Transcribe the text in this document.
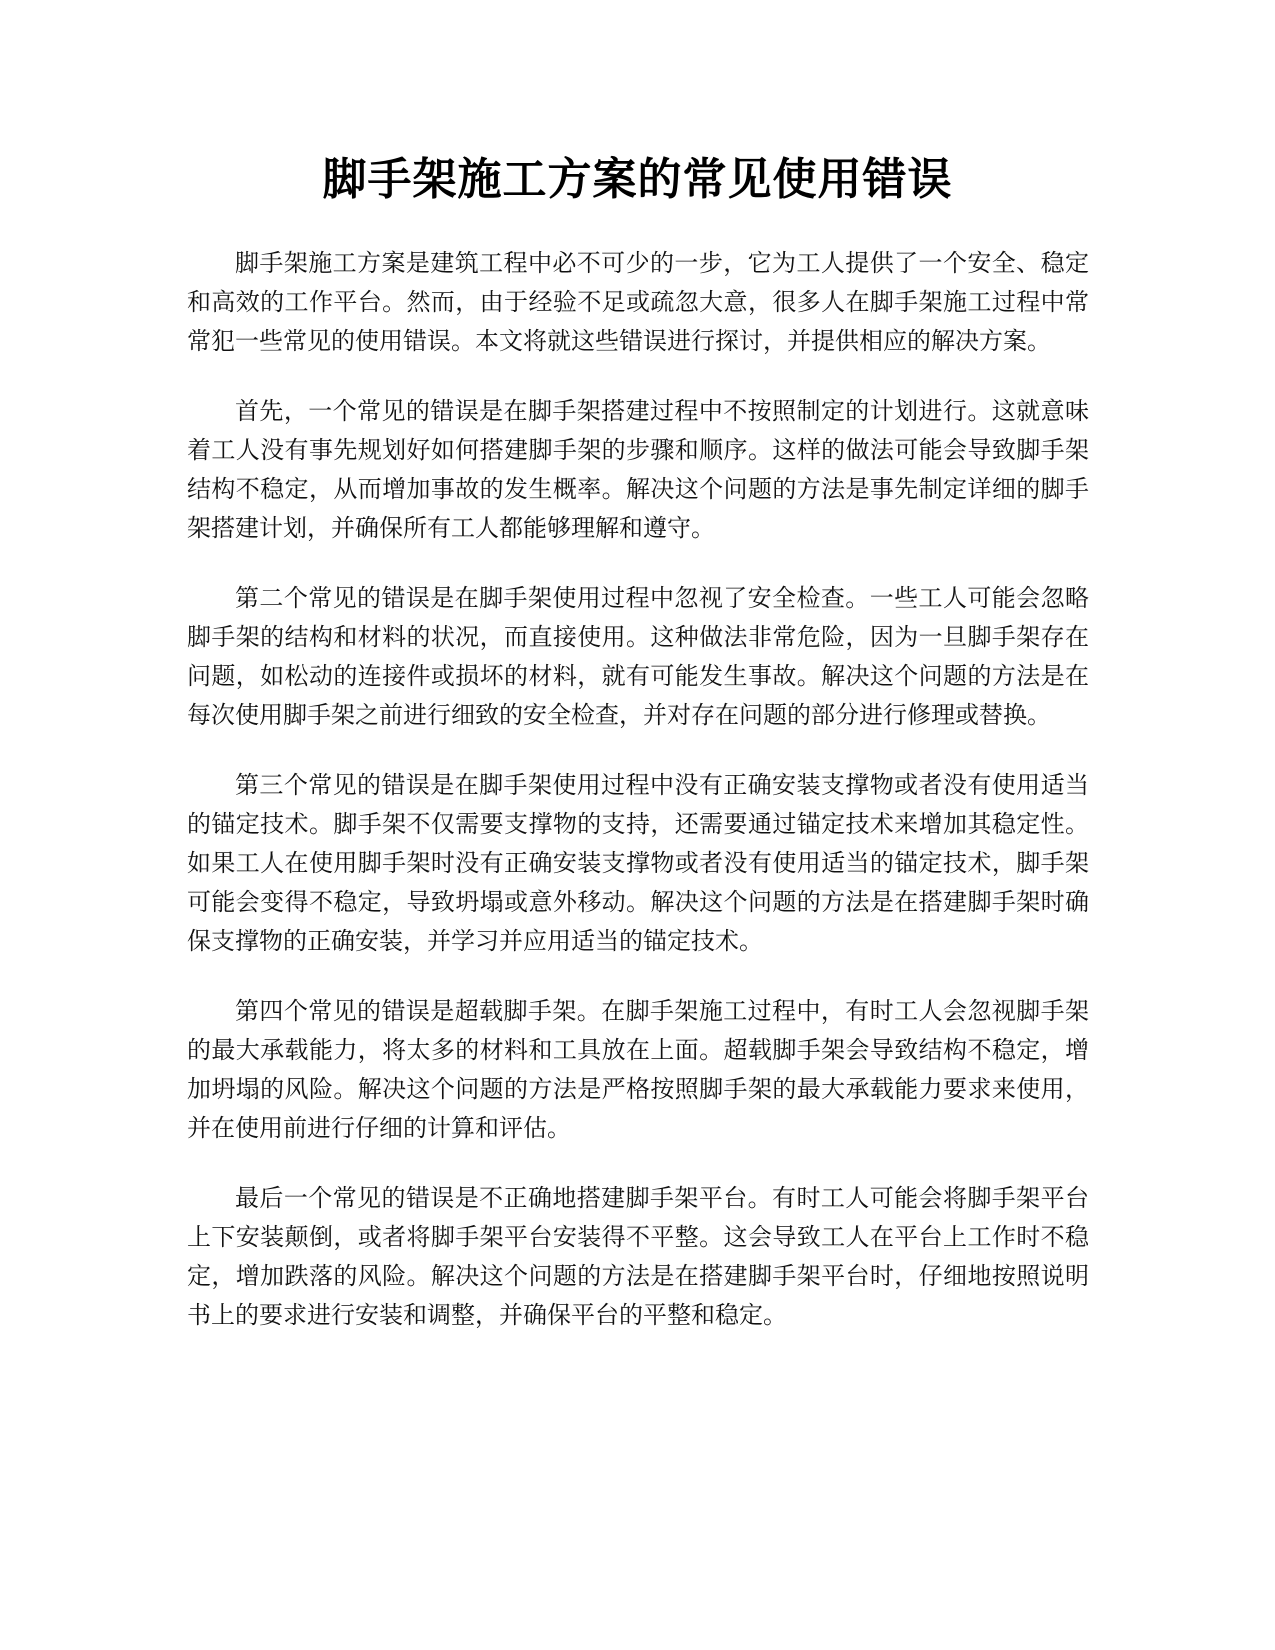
脚手架施工方案的常见使用错误

脚手架施工方案是建筑工程中必不可少的一步，它为工人提供了一个安全、稳定和高效的工作平台。然而，由于经验不足或疏忽大意，很多人在脚手架施工过程中常常犯一些常见的使用错误。本文将就这些错误进行探讨，并提供相应的解决方案。

首先，一个常见的错误是在脚手架搭建过程中不按照制定的计划进行。这就意味着工人没有事先规划好如何搭建脚手架的步骤和顺序。这样的做法可能会导致脚手架结构不稳定，从而增加事故的发生概率。解决这个问题的方法是事先制定详细的脚手架搭建计划，并确保所有工人都能够理解和遵守。

第二个常见的错误是在脚手架使用过程中忽视了安全检查。一些工人可能会忽略脚手架的结构和材料的状况，而直接使用。这种做法非常危险，因为一旦脚手架存在问题，如松动的连接件或损坏的材料，就有可能发生事故。解决这个问题的方法是在每次使用脚手架之前进行细致的安全检查，并对存在问题的部分进行修理或替换。

第三个常见的错误是在脚手架使用过程中没有正确安装支撑物或者没有使用适当的锚定技术。脚手架不仅需要支撑物的支持，还需要通过锚定技术来增加其稳定性。如果工人在使用脚手架时没有正确安装支撑物或者没有使用适当的锚定技术，脚手架可能会变得不稳定，导致坍塌或意外移动。解决这个问题的方法是在搭建脚手架时确保支撑物的正确安装，并学习并应用适当的锚定技术。

第四个常见的错误是超载脚手架。在脚手架施工过程中，有时工人会忽视脚手架的最大承载能力，将太多的材料和工具放在上面。超载脚手架会导致结构不稳定，增加坍塌的风险。解决这个问题的方法是严格按照脚手架的最大承载能力要求来使用，并在使用前进行仔细的计算和评估。

最后一个常见的错误是不正确地搭建脚手架平台。有时工人可能会将脚手架平台上下安装颠倒，或者将脚手架平台安装得不平整。这会导致工人在平台上工作时不稳定，增加跌落的风险。解决这个问题的方法是在搭建脚手架平台时，仔细地按照说明书上的要求进行安装和调整，并确保平台的平整和稳定。
